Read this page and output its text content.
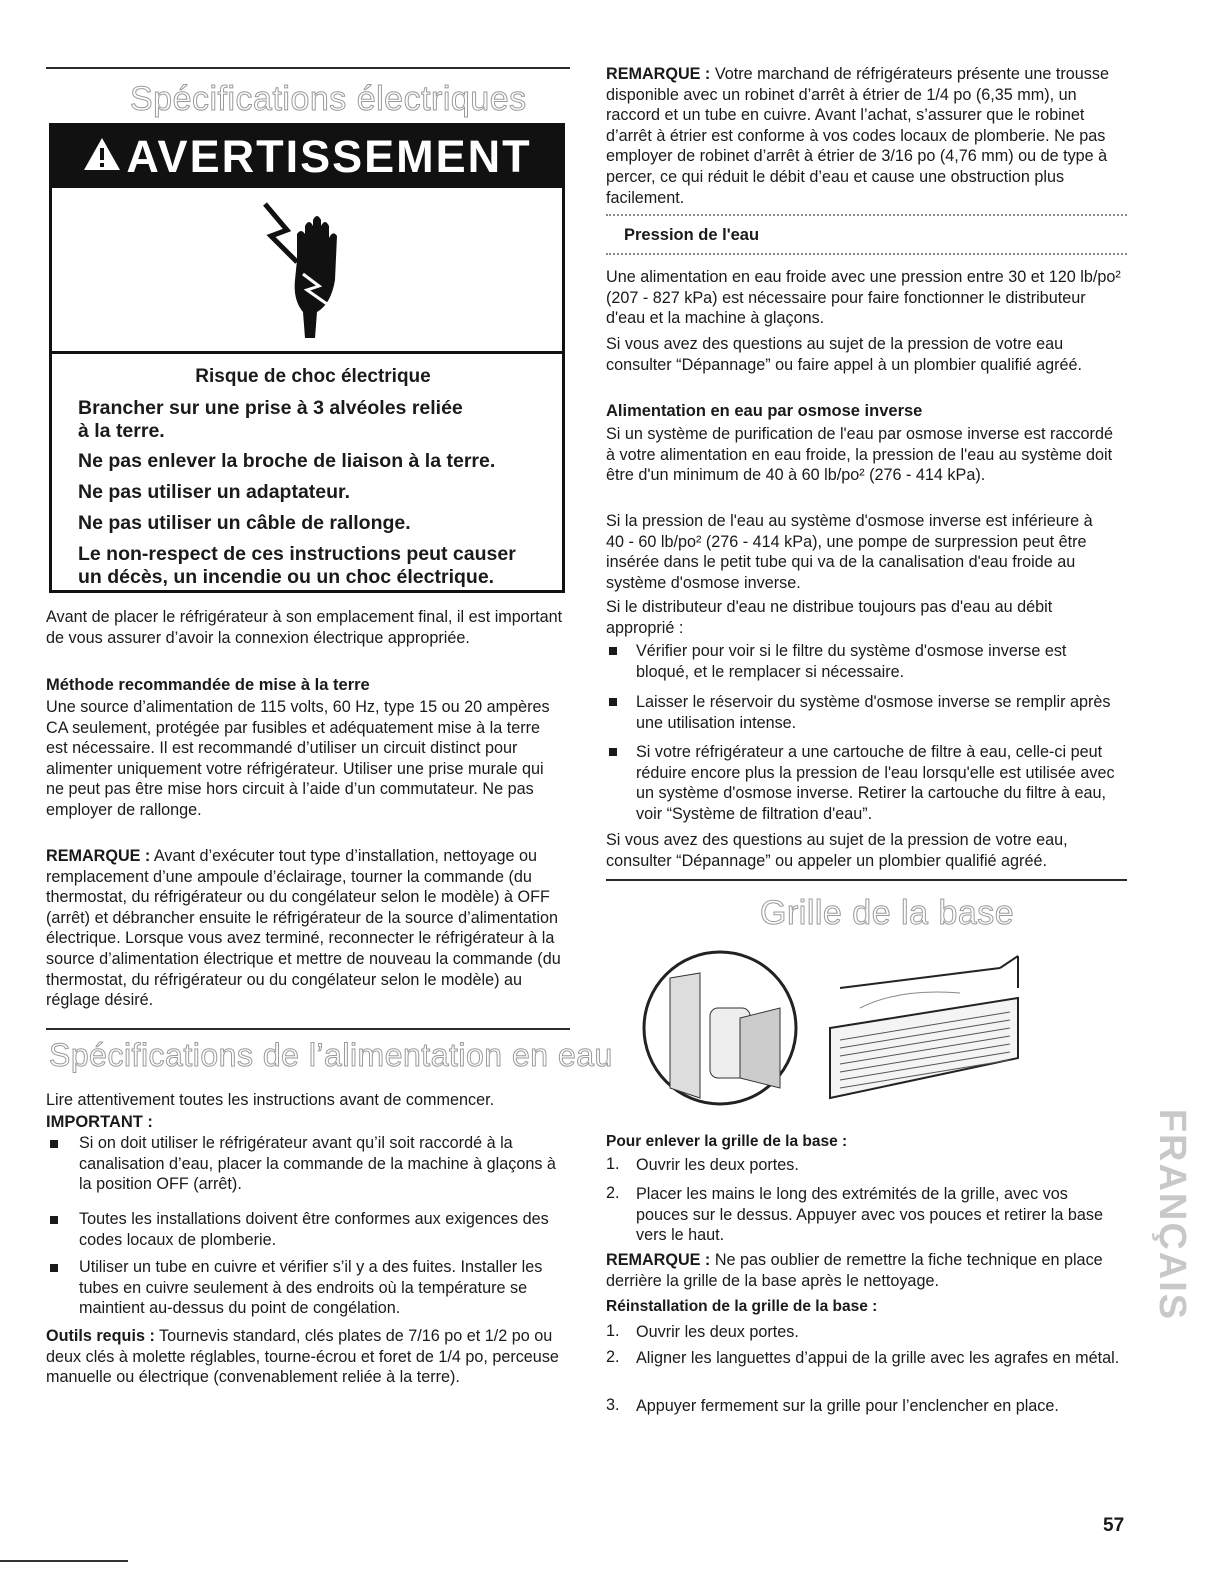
Spécifications électriques
AVERTISSEMENT
Risque de choc électrique
Brancher sur une prise à 3 alvéoles reliée
à la terre.
Ne pas enlever la broche de liaison à la terre.
Ne pas utiliser un adaptateur.
Ne pas utiliser un câble de rallonge.
Le non-respect de ces instructions peut causer
un décès, un incendie ou un choc électrique.

Avant de placer le réfrigérateur à son emplacement final, il est important de vous assurer d’avoir la connexion électrique appropriée.

Méthode recommandée de mise à la terre

Une source d’alimentation de 115 volts, 60 Hz, type 15 ou 20 ampères CA seulement, protégée par fusibles et adéquatement mise à la terre est nécessaire. Il est recommandé d’utiliser un circuit distinct pour alimenter uniquement votre réfrigérateur. Utiliser une prise murale qui ne peut pas être mise hors circuit à l’aide d’un commutateur. Ne pas employer de rallonge.

REMARQUE : Avant d’exécuter tout type d’installation, nettoyage ou remplacement d’une ampoule d’éclairage, tourner la commande (du thermostat, du réfrigérateur ou du congélateur selon le modèle) à OFF (arrêt) et débrancher ensuite le réfrigérateur de la source d’alimentation électrique. Lorsque vous avez terminé, reconnecter le réfrigérateur à la source d’alimentation électrique et mettre de nouveau la commande (du thermostat, du réfrigérateur ou du congélateur selon le modèle) au réglage désiré.

Spécifications de l’alimentation en eau

Lire attentivement toutes les instructions avant de commencer.

IMPORTANT :

Si on doit utiliser le réfrigérateur avant qu’il soit raccordé à la canalisation d’eau, placer la commande de la machine à glaçons à la position OFF (arrêt).

Toutes les installations doivent être conformes aux exigences des codes locaux de plomberie.

Utiliser un tube en cuivre et vérifier s’il y a des fuites. Installer les tubes en cuivre seulement à des endroits où la température se maintient au-dessus du point de congélation.

Outils requis : Tournevis standard, clés plates de 7/16 po et 1/2 po ou deux clés à molette réglables, tourne-écrou et foret de 1/4 po, perceuse manuelle ou électrique (convenablement reliée à la terre).

REMARQUE : Votre marchand de réfrigérateurs présente une trousse disponible avec un robinet d’arrêt à étrier de 1/4 po (6,35 mm), un raccord et un tube en cuivre. Avant l’achat, s’assurer que le robinet d’arrêt à étrier est conforme à vos codes locaux de plomberie. Ne pas employer de robinet d’arrêt à étrier de 3/16 po (4,76 mm) ou de type à percer, ce qui réduit le débit d’eau et cause une obstruction plus facilement.

Pression de l'eau

Une alimentation en eau froide avec une pression entre 30 et 120 lb/po² (207 - 827 kPa) est nécessaire pour faire fonctionner le distributeur d'eau et la machine à glaçons.

Si vous avez des questions au sujet de la pression de votre eau consulter “Dépannage” ou faire appel à un plombier qualifié agréé.

Alimentation en eau par osmose inverse

Si un système de purification de l'eau par osmose inverse est raccordé à votre alimentation en eau froide, la pression de l'eau au système doit être d'un minimum de 40 à 60 lb/po² (276 - 414 kPa).

Si la pression de l'eau au système d'osmose inverse est inférieure à 40 - 60 lb/po² (276 - 414 kPa), une pompe de surpression peut être insérée dans le petit tube qui va de la canalisation d'eau froide au système d'osmose inverse.

Si le distributeur d'eau ne distribue toujours pas d'eau au débit approprié :

Vérifier pour voir si le filtre du système d'osmose inverse est bloqué, et le remplacer si nécessaire.

Laisser le réservoir du système d'osmose inverse se remplir après une utilisation intense.

Si votre réfrigérateur a une cartouche de filtre à eau, celle-ci peut réduire encore plus la pression de l'eau lorsqu'elle est utilisée avec un système d'osmose inverse. Retirer la cartouche du filtre à eau, voir “Système de filtration d'eau”.

Si vous avez des questions au sujet de la pression de votre eau, consulter “Dépannage” ou appeler un plombier qualifié agréé.

Grille de la base

Pour enlever la grille de la base :

1. Ouvrir les deux portes.

2. Placer les mains le long des extrémités de la grille, avec vos pouces sur le dessus. Appuyer avec vos pouces et retirer la base vers le haut.

REMARQUE : Ne pas oublier de remettre la fiche technique en place derrière la grille de la base après le nettoyage.

Réinstallation de la grille de la base :

1. Ouvrir les deux portes.

2. Aligner les languettes d’appui de la grille avec les agrafes en métal.

3. Appuyer fermement sur la grille pour l’enclencher en place.

FRANÇAIS
57
